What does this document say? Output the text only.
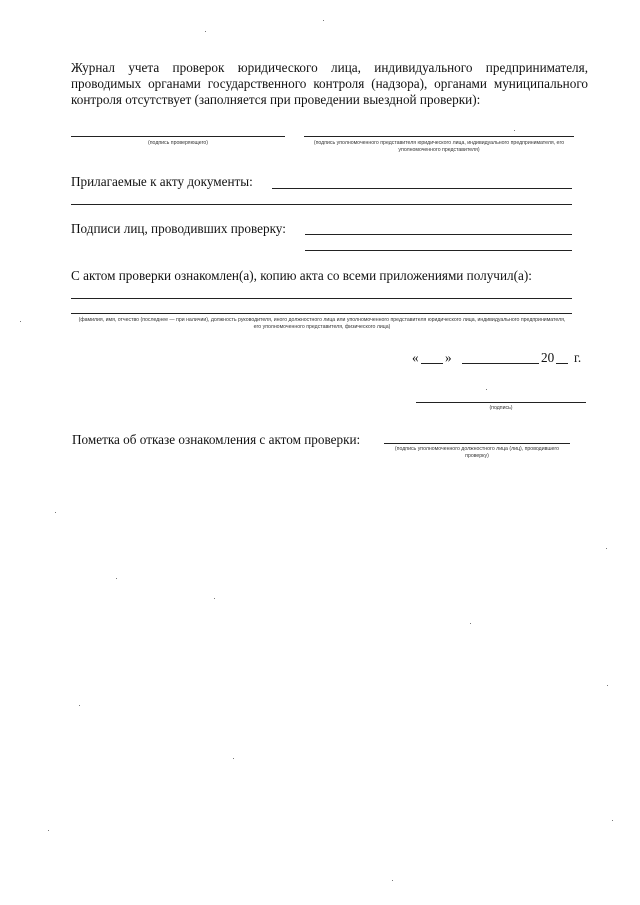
Журнал учета проверок юридического лица, индивидуального предпринимателя, проводимых органами государственного контроля (надзора), органами муниципального контроля отсутствует (заполняется при проведении выездной проверки):
(подпись проверяющего)	(подпись уполномоченного представителя юридического лица, индивидуального предпринимателя, его уполномоченного представителя)
Прилагаемые к акту документы:
Подписи лиц, проводивших проверку:
С актом проверки ознакомлен(а), копию акта со всеми приложениями получил(а):
(фамилия, имя, отчество (последнее — при наличии), должность руководителя, иного должностного лица или уполномоченного представителя юридического лица, индивидуального предпринимателя, его уполномоченного представителя, физического лица)
« »	20 г.
(подпись)
Пометка об отказе ознакомления с актом проверки:
(подпись уполномоченного должностного лица (лиц), проводившего проверку)
